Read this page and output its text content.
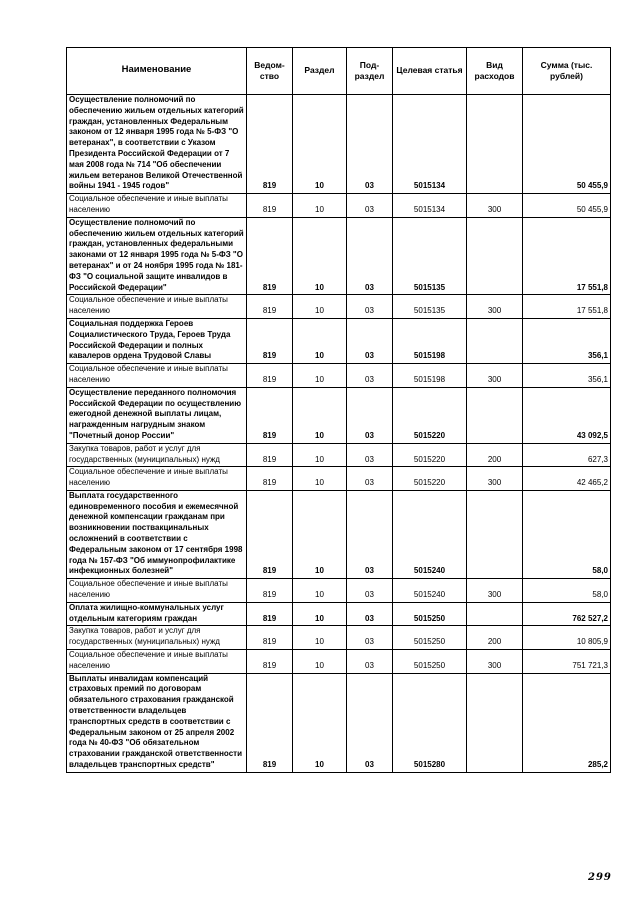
Наименование	Ведом-ство	Раздел	Под-раздел	Целевая статья	Вид расходов	Сумма (тыс. рублей)
Осуществление полномочий по обеспечению жильем отдельных категорий граждан, установленных Федеральным законом от 12 января 1995 года № 5-ФЗ "О ветеранах", в соответствии с Указом Президента Российской Федерации от 7 мая 2008 года № 714 "Об обеспечении жильем ветеранов Великой Отечественной войны 1941 - 1945 годов"	819	10	03	5015134		50 455,9
Социальное обеспечение и иные выплаты населению	819	10	03	5015134	300	50 455,9
Осуществление полномочий по обеспечению жильем отдельных категорий граждан, установленных федеральными законами от 12 января 1995 года № 5-ФЗ "О ветеранах" и от 24 ноября 1995 года № 181-ФЗ "О социальной защите инвалидов в Российской Федерации"	819	10	03	5015135		17 551,8
Социальное обеспечение и иные выплаты населению	819	10	03	5015135	300	17 551,8
Социальная поддержка Героев Социалистического Труда, Героев Труда Российской Федерации и полных кавалеров ордена Трудовой Славы	819	10	03	5015198		356,1
Социальное обеспечение и иные выплаты населению	819	10	03	5015198	300	356,1
Осуществление переданного полномочия Российской Федерации по осуществлению ежегодной денежной выплаты лицам, награжденным нагрудным знаком "Почетный донор России"	819	10	03	5015220		43 092,5
Закупка товаров, работ и услуг для государственных (муниципальных) нужд	819	10	03	5015220	200	627,3
Социальное обеспечение и иные выплаты населению	819	10	03	5015220	300	42 465,2
Выплата государственного единовременного пособия и ежемесячной денежной компенсации гражданам при возникновении поствакцинальных осложнений в соответствии с Федеральным законом от 17 сентября 1998 года № 157-ФЗ "Об иммунопрофилактике инфекционных болезней"	819	10	03	5015240		58,0
Социальное обеспечение и иные выплаты населению	819	10	03	5015240	300	58,0
Оплата жилищно-коммунальных услуг отдельным категориям граждан	819	10	03	5015250		762 527,2
Закупка товаров, работ и услуг для государственных (муниципальных) нужд	819	10	03	5015250	200	10 805,9
Социальное обеспечение и иные выплаты населению	819	10	03	5015250	300	751 721,3
Выплаты инвалидам компенсаций страховых премий по договорам обязательного страхования гражданской ответственности владельцев транспортных средств в соответствии с Федеральным законом от 25 апреля 2002 года № 40-ФЗ "Об обязательном страховании гражданской ответственности владельцев транспортных средств"	819	10	03	5015280		285,2
299
